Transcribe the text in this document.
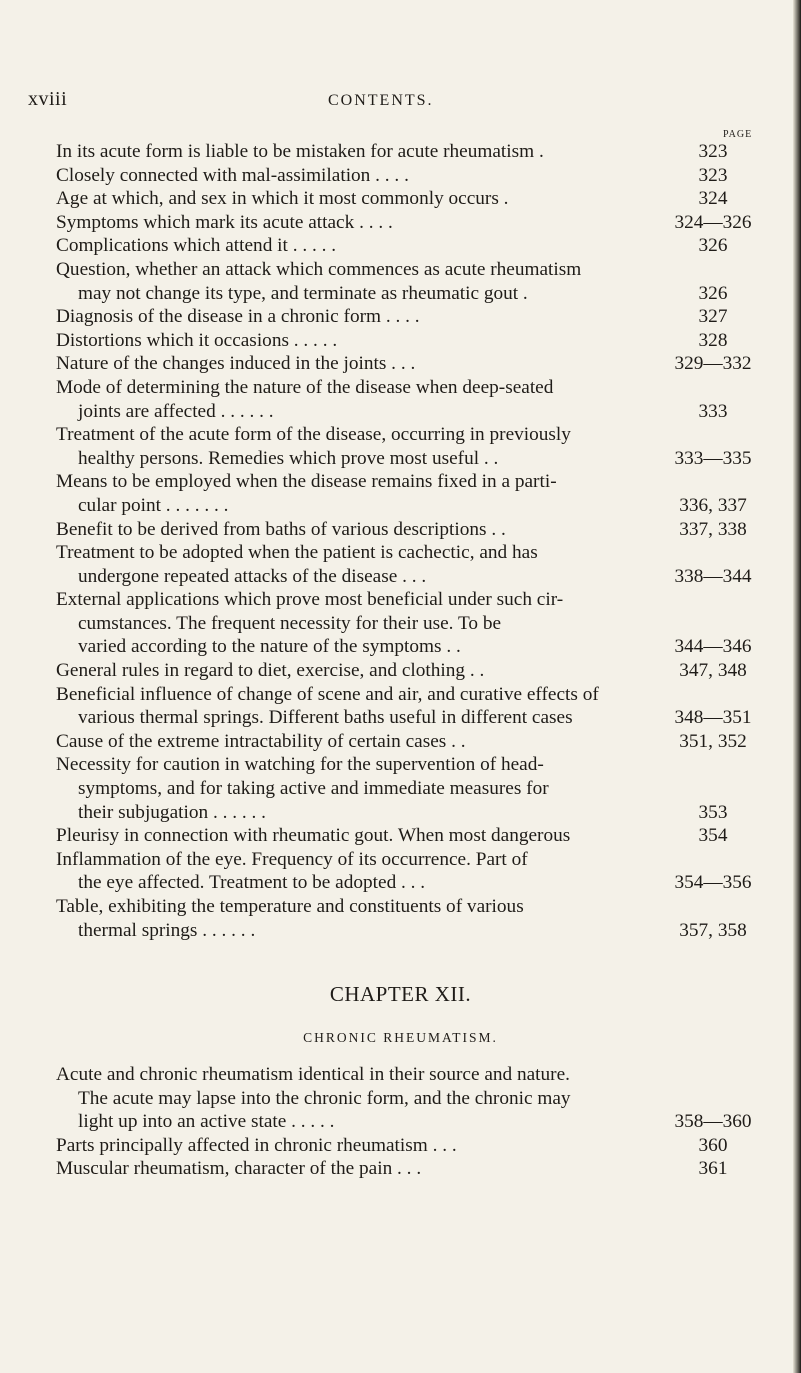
xviii	CONTENTS.
PAGE
In its acute form is liable to be mistaken for acute rheumatism .	323
Closely connected with mal-assimilation . . . .	323
Age at which, and sex in which it most commonly occurs .	324
Symptoms which mark its acute attack . . . .	324—326
Complications which attend it . . . . .	326
Question, whether an attack which commences as acute rheumatism
may not change its type, and terminate as rheumatic gout .	326
Diagnosis of the disease in a chronic form . . . .	327
Distortions which it occasions . . . . .	328
Nature of the changes induced in the joints . . .	329—332
Mode of determining the nature of the disease when deep-seated
joints are affected . . . . . .	333
Treatment of the acute form of the disease, occurring in previously
healthy persons. Remedies which prove most useful . .	333—335
Means to be employed when the disease remains fixed in a parti-
cular point . . . . . . .	336, 337
Benefit to be derived from baths of various descriptions . .	337, 338
Treatment to be adopted when the patient is cachectic, and has
undergone repeated attacks of the disease . . .	338—344
External applications which prove most beneficial under such cir-
cumstances. The frequent necessity for their use. To be
varied according to the nature of the symptoms . .	344—346
General rules in regard to diet, exercise, and clothing . .	347, 348
Beneficial influence of change of scene and air, and curative effects of
various thermal springs. Different baths useful in different cases	348—351
Cause of the extreme intractability of certain cases . .	351, 352
Necessity for caution in watching for the supervention of head-
symptoms, and for taking active and immediate measures for
their subjugation . . . . . .	353
Pleurisy in connection with rheumatic gout. When most dangerous	354
Inflammation of the eye. Frequency of its occurrence. Part of
the eye affected. Treatment to be adopted . . .	354—356
Table, exhibiting the temperature and constituents of various
thermal springs . . . . . .	357, 358
CHAPTER XII.
CHRONIC RHEUMATISM.
Acute and chronic rheumatism identical in their source and nature.
The acute may lapse into the chronic form, and the chronic may
light up into an active state . . . . .	358—360
Parts principally affected in chronic rheumatism . . .	360
Muscular rheumatism, character of the pain . . .	361
